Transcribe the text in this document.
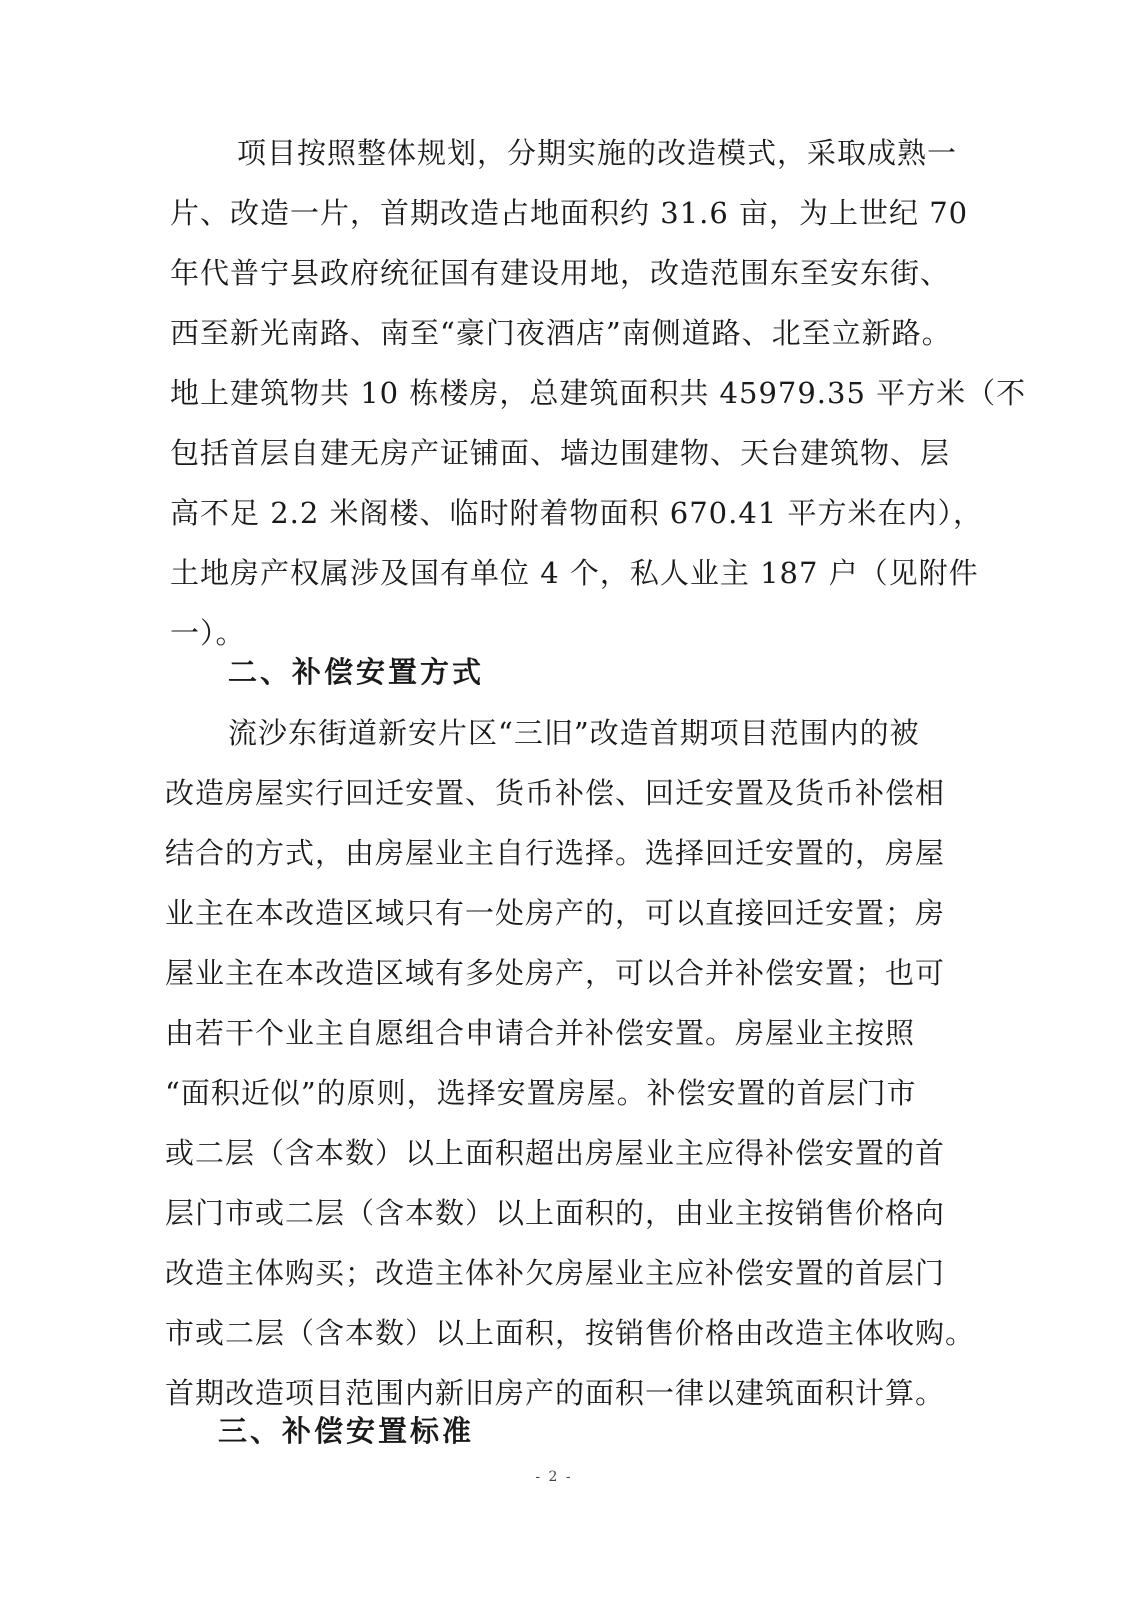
项目按照整体规划，分期实施的改造模式，采取成熟一
片、改造一片，首期改造占地面积约 31.6 亩，为上世纪 70
年代普宁县政府统征国有建设用地，改造范围东至安东街、
西至新光南路、南至“豪门夜酒店”南侧道路、北至立新路。
地上建筑物共 10 栋楼房，总建筑面积共 45979.35 平方米（不
包括首层自建无房产证铺面、墙边围建物、天台建筑物、层
高不足 2.2 米阁楼、临时附着物面积 670.41 平方米在内），
土地房产权属涉及国有单位 4 个，私人业主 187 户（见附件
一）。
二、补偿安置方式
流沙东街道新安片区“三旧”改造首期项目范围内的被
改造房屋实行回迁安置、货币补偿、回迁安置及货币补偿相
结合的方式，由房屋业主自行选择。选择回迁安置的，房屋
业主在本改造区域只有一处房产的，可以直接回迁安置；房
屋业主在本改造区域有多处房产，可以合并补偿安置；也可
由若干个业主自愿组合申请合并补偿安置。房屋业主按照
“面积近似”的原则，选择安置房屋。补偿安置的首层门市
或二层（含本数）以上面积超出房屋业主应得补偿安置的首
层门市或二层（含本数）以上面积的，由业主按销售价格向
改造主体购买；改造主体补欠房屋业主应补偿安置的首层门
市或二层（含本数）以上面积，按销售价格由改造主体收购。
首期改造项目范围内新旧房产的面积一律以建筑面积计算。
三、补偿安置标准
- 2 -
